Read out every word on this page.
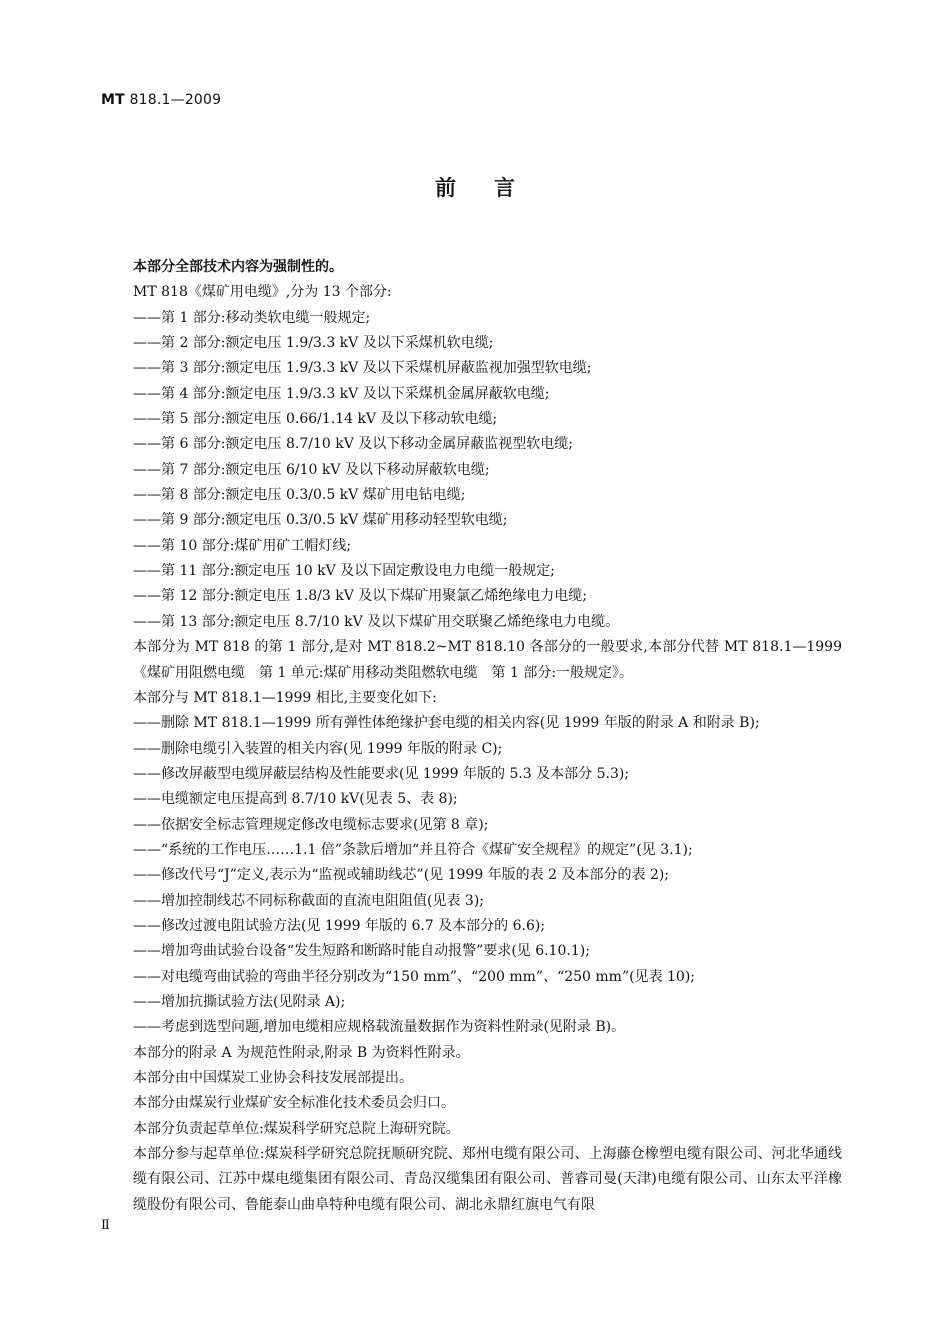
MT 818.1—2009
前言
本部分全部技术内容为强制性的。
MT 818《煤矿用电缆》,分为 13 个部分:
——第 1 部分:移动类软电缆一般规定;
——第 2 部分:额定电压 1.9/3.3 kV 及以下采煤机软电缆;
——第 3 部分:额定电压 1.9/3.3 kV 及以下采煤机屏蔽监视加强型软电缆;
——第 4 部分:额定电压 1.9/3.3 kV 及以下采煤机金属屏蔽软电缆;
——第 5 部分:额定电压 0.66/1.14 kV 及以下移动软电缆;
——第 6 部分:额定电压 8.7/10 kV 及以下移动金属屏蔽监视型软电缆;
——第 7 部分:额定电压 6/10 kV 及以下移动屏蔽软电缆;
——第 8 部分:额定电压 0.3/0.5 kV 煤矿用电钻电缆;
——第 9 部分:额定电压 0.3/0.5 kV 煤矿用移动轻型软电缆;
——第 10 部分:煤矿用矿工帽灯线;
——第 11 部分:额定电压 10 kV 及以下固定敷设电力电缆一般规定;
——第 12 部分:额定电压 1.8/3 kV 及以下煤矿用聚氯乙烯绝缘电力电缆;
——第 13 部分:额定电压 8.7/10 kV 及以下煤矿用交联聚乙烯绝缘电力电缆。
本部分为 MT 818 的第 1 部分,是对 MT 818.2~MT 818.10 各部分的一般要求,本部分代替 MT 818.1—1999《煤矿用阻燃电缆　第 1 单元:煤矿用移动类阻燃软电缆　第 1 部分:一般规定》。
本部分与 MT 818.1—1999 相比,主要变化如下:
——删除 MT 818.1—1999 所有弹性体绝缘护套电缆的相关内容(见 1999 年版的附录 A 和附录 B);
——删除电缆引入装置的相关内容(见 1999 年版的附录 C);
——修改屏蔽型电缆屏蔽层结构及性能要求(见 1999 年版的 5.3 及本部分 5.3);
——电缆额定电压提高到 8.7/10 kV(见表 5、表 8);
——依据安全标志管理规定修改电缆标志要求(见第 8 章);
——“系统的工作电压……1.1 倍”条款后增加“并且符合《煤矿安全规程》的规定”(见 3.1);
——修改代号“J”定义,表示为“监视或辅助线芯”(见 1999 年版的表 2 及本部分的表 2);
——增加控制线芯不同标称截面的直流电阻阻值(见表 3);
——修改过渡电阻试验方法(见 1999 年版的 6.7 及本部分的 6.6);
——增加弯曲试验台设备“发生短路和断路时能自动报警”要求(见 6.10.1);
——对电缆弯曲试验的弯曲半径分别改为“150 mm”、“200 mm”、“250 mm”(见表 10);
——增加抗撕试验方法(见附录 A);
——考虑到选型问题,增加电缆相应规格载流量数据作为资料性附录(见附录 B)。
本部分的附录 A 为规范性附录,附录 B 为资料性附录。
本部分由中国煤炭工业协会科技发展部提出。
本部分由煤炭行业煤矿安全标准化技术委员会归口。
本部分负责起草单位:煤炭科学研究总院上海研究院。
本部分参与起草单位:煤炭科学研究总院抚顺研究院、郑州电缆有限公司、上海藤仓橡塑电缆有限公司、河北华通线缆有限公司、江苏中煤电缆集团有限公司、青岛汉缆集团有限公司、普睿司曼(天津)电缆有限公司、山东太平洋橡缆股份有限公司、鲁能泰山曲阜特种电缆有限公司、湖北永鼎红旗电气有限
Ⅱ
